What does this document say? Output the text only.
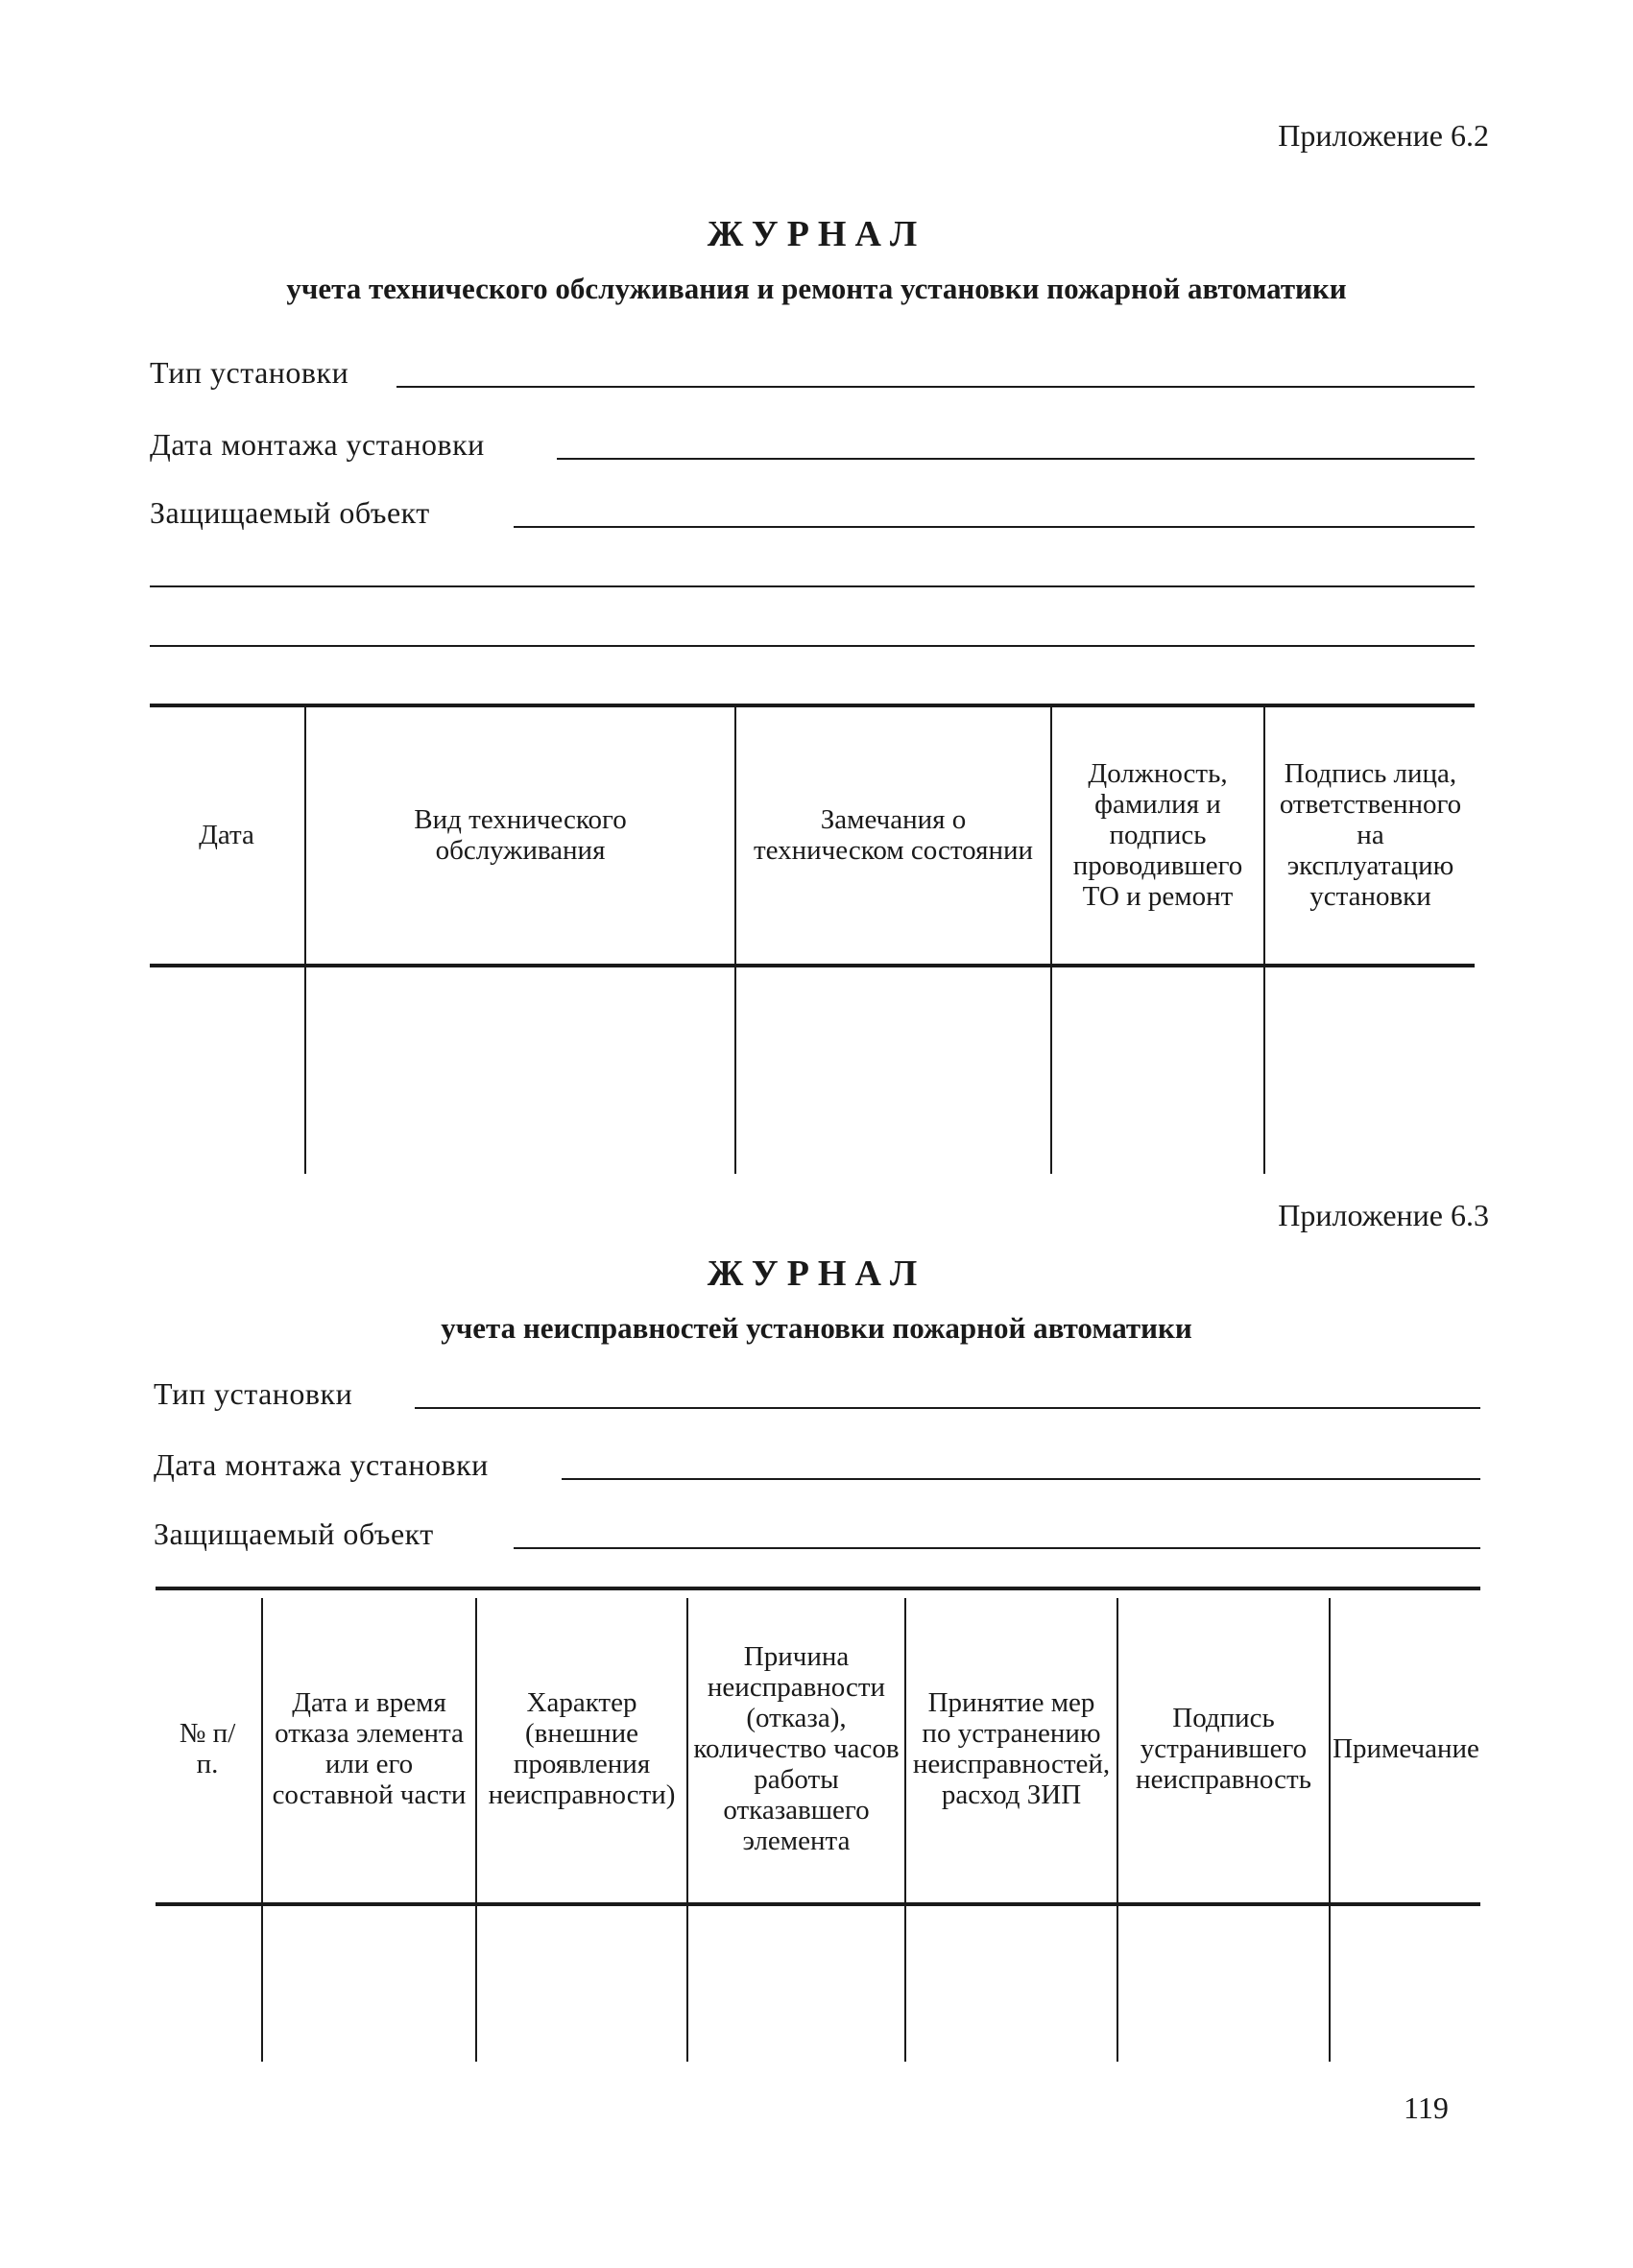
Приложение 6.2
ЖУРНАЛ
учета технического обслуживания и ремонта установки пожарной автоматики
Тип установки
Дата монтажа установки
Защищаемый объект
Дата	Вид технического обслуживания
Замечания о техническом состоянии
Должность, фамилия и подпись проводившего ТО и ремонт
Подпись лица, ответственного на эксплуатацию установки
Приложение 6.3
ЖУРНАЛ
учета неисправностей установки пожарной автоматики
Тип установки
Дата монтажа установки
Защищаемый объект
№ п/п.
Дата и время отказа элемента или его составной части
Характер (внешние проявления неисправности)
Причина неисправности (отказа), количество часов работы отказавшего элемента
Принятие мер по устранению неисправностей, расход ЗИП
Подпись устранившего неисправность
Примечание
119
